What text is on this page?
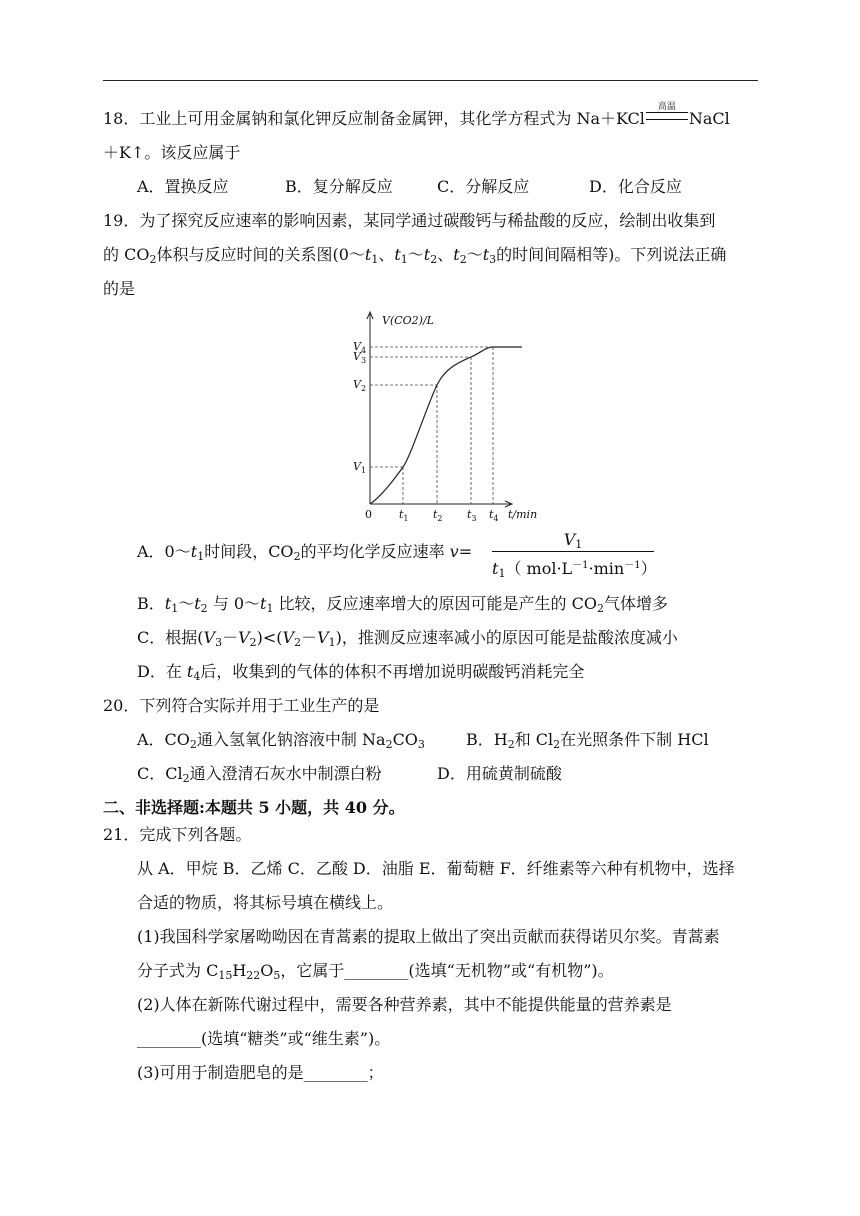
18．工业上可用金属钠和氯化钾反应制备金属钾，其化学方程式为 Na＋KCl
高温
NaCl
＋K↑。该反应属于
A．置换反应	B．复分解反应	C．分解反应	D．化合反应
19．为了探究反应速率的影响因素，某同学通过碳酸钙与稀盐酸的反应，绘制出收集到
的 $CO_2$体积与反应时间的关系图($0\sim t_1$、$t_1\sim t_2$、$t_2\sim t_3$的时间间隔相等)。下列说法正确
的是
$t_1$ $t_2$ $t_3$ $t_4$
$V_1$
$V_2$
$V_3$
$V_4$
0	t/min
V(CO2)/L
A．$0\sim t_1$时间段，$CO_2$的平均化学反应速率 v=
$V_1$
$t_1$（ $mol\cdot L^{-1}\cdot\min^{-1}$）
B．$t_1\sim t_2$ 与 $0\sim t_1$ 比较，反应速率增大的原因可能是产生的 $CO_2$气体增多
C．根据$(V_3-V_2)<(V_2-V_1)$，推测反应速率减小的原因可能是盐酸浓度减小
D．在 $t_4$后，收集到的气体的体积不再增加说明碳酸钙消耗完全
20．下列符合实际并用于工业生产的是
A．$CO_2$通入氢氧化钠溶液中制 $Na_2CO_3$	B．$H_2$和 $Cl_2$在光照条件下制 HCl
C．$Cl_2$通入澄清石灰水中制漂白粉	D．用硫黄制硫酸
二、非选择题:本题共 5 小题，共 40 分。
21．完成下列各题。
从 A．甲烷 B．乙烯 C．乙酸 D．油脂 E．葡萄糖 F．纤维素等六种有机物中，选择
合适的物质，将其标号填在横线上。
(1)我国科学家屠呦呦因在青蒿素的提取上做出了突出贡献而获得诺贝尔奖。青蒿素
分子式为 $C_{15}H_{22}O_5$，它属于________(选填“无机物”或“有机物”)。
(2)人体在新陈代谢过程中，需要各种营养素，其中不能提供能量的营养素是
________(选填“糖类”或“维生素”)。
(3)可用于制造肥皂的是________；
